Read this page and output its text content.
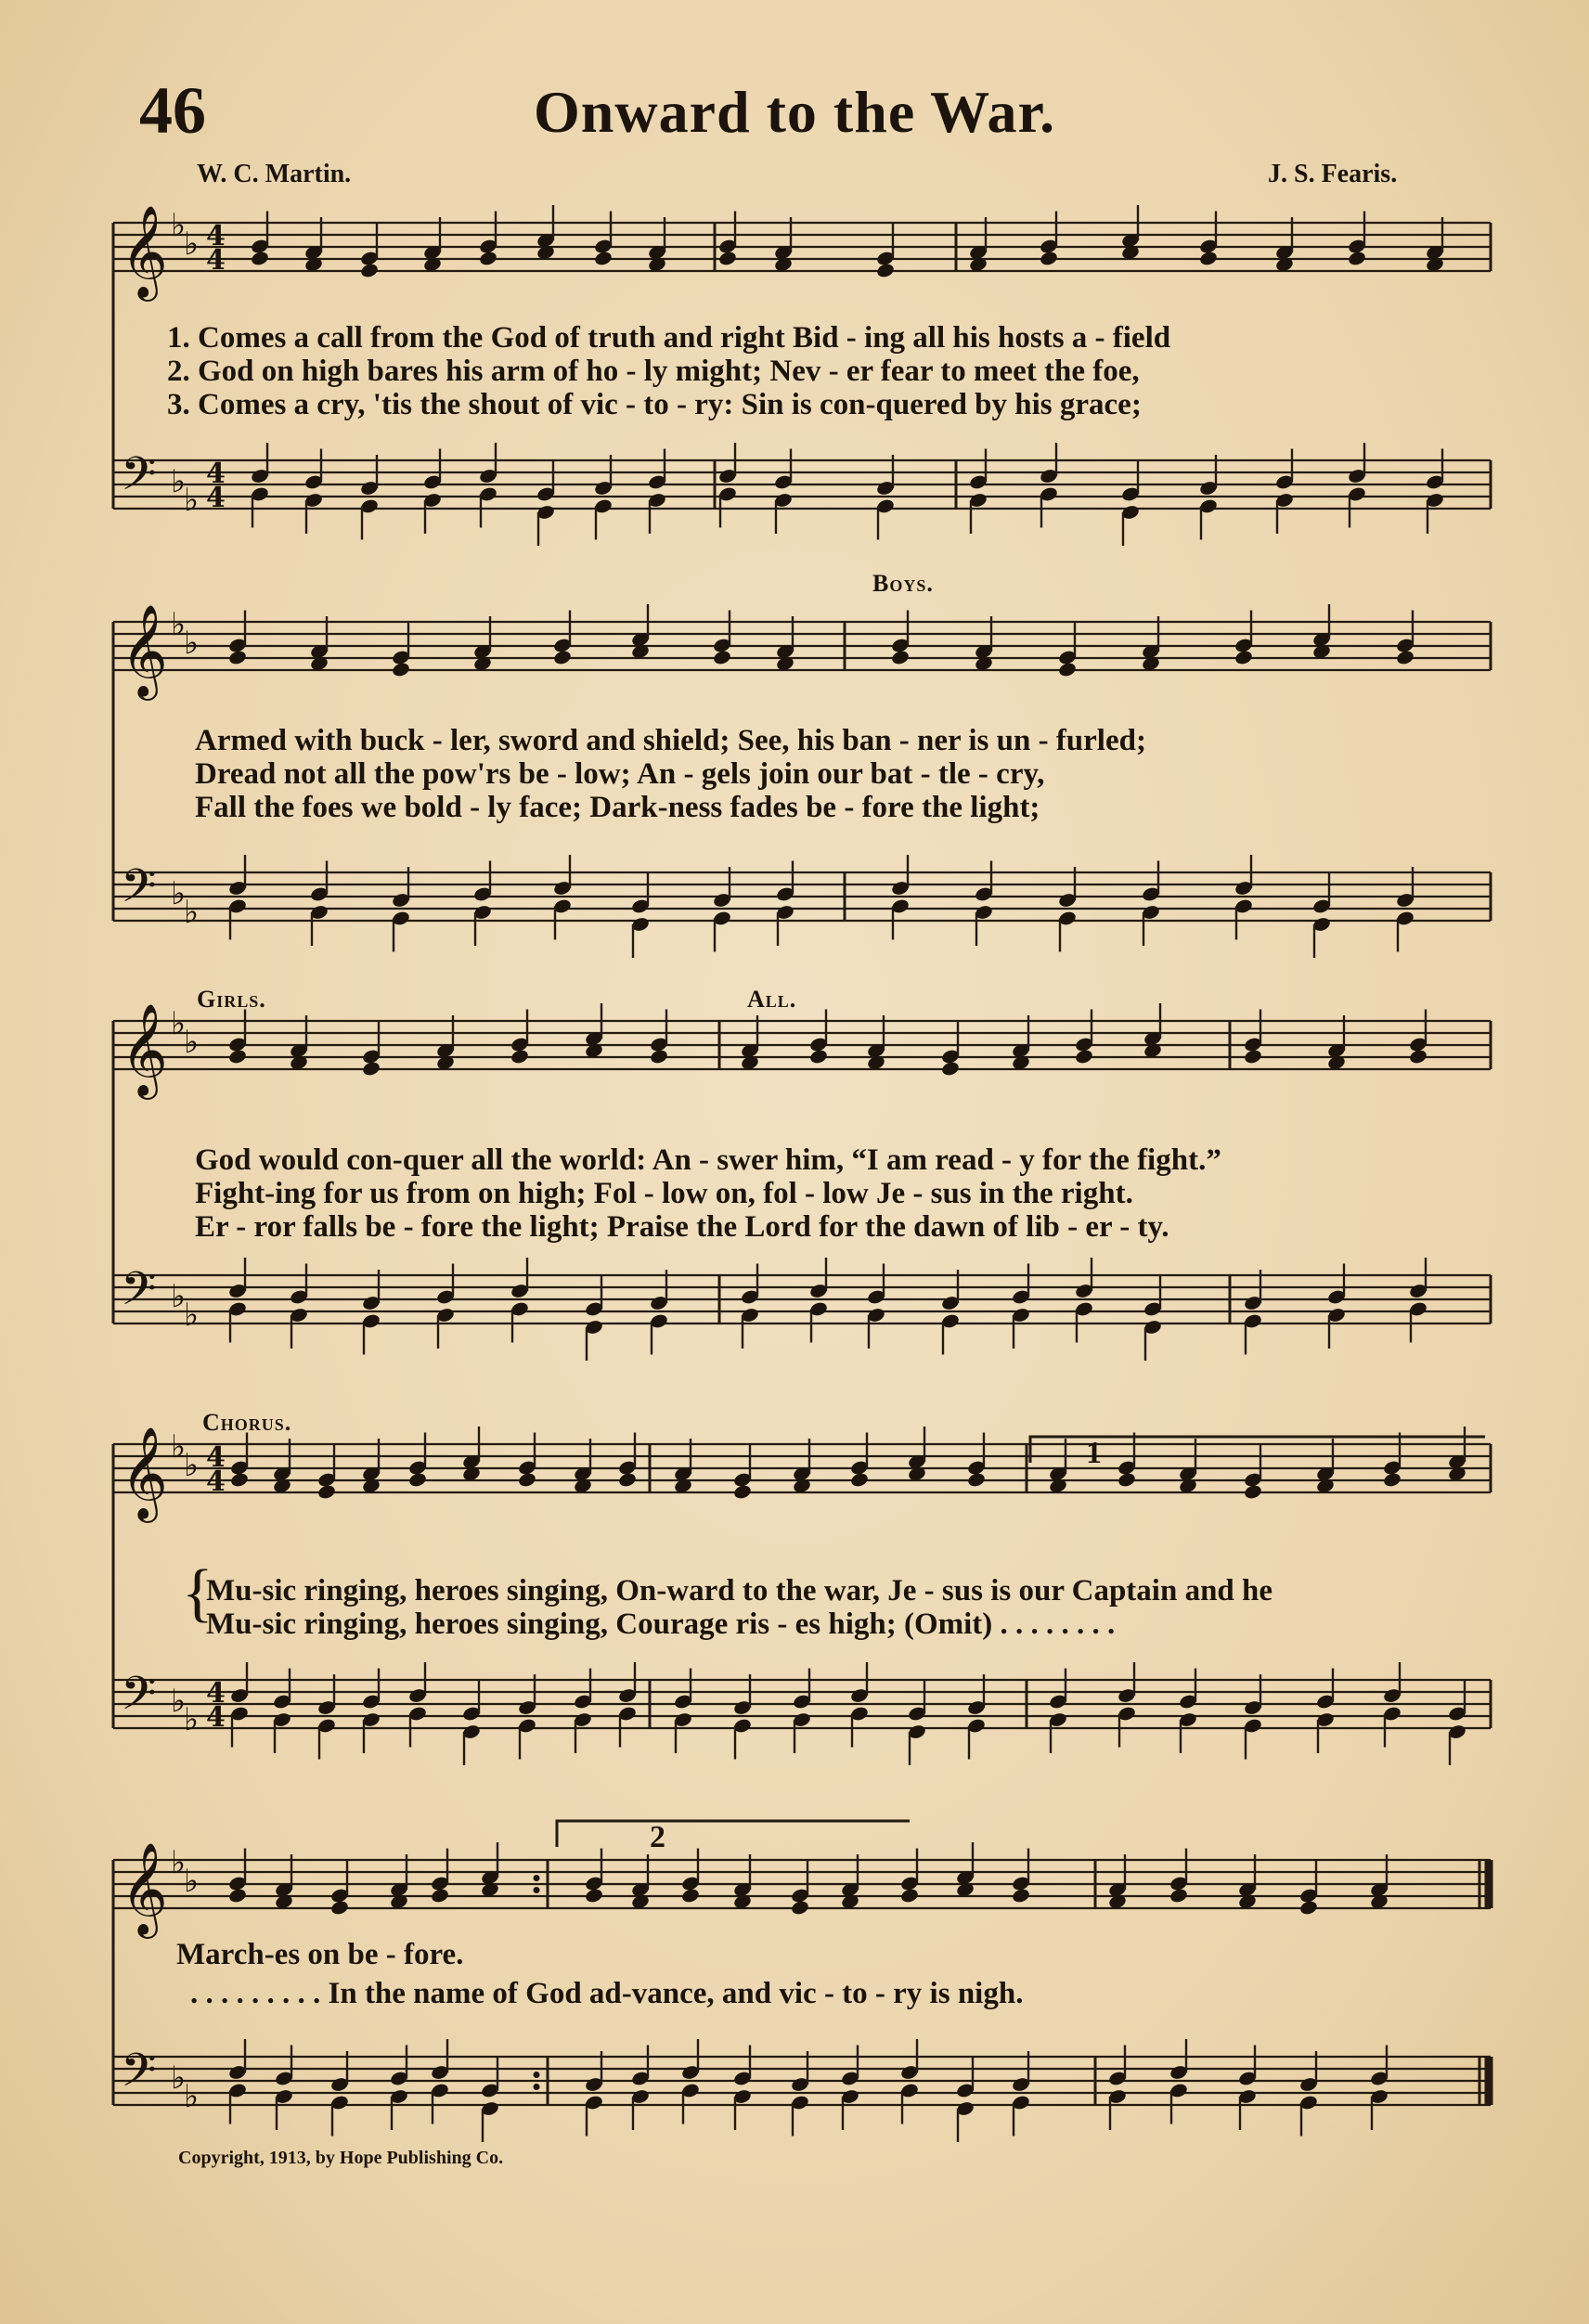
𝄞 ♭
♭
𝄢 ♭
♭
4
4
4
4
𝄞 ♭
♭
𝄢 ♭
♭
𝄞 ♭
♭
𝄢 ♭
♭
𝄞 ♭
♭
𝄢 ♭
♭
4
4
4
4
𝄞 ♭
♭
𝄢 ♭
♭
1
2
46	Onward to the War.
W. C. Martin.	J. S. Fearis.
Boys.
Girls.	All.
Chorus.
1. Comes a call from the God of truth and right Bid - ing all his hosts a - field
2. God on high bares his arm of ho - ly might; Nev - er fear to meet the foe,
3. Comes a cry, 'tis the shout of vic - to - ry: Sin is con-quered by his grace;
Armed with buck - ler, sword and shield; See, his ban - ner is un - furled;
Dread not all the pow'rs be - low; An - gels join our bat - tle - cry,
Fall the foes we bold - ly face; Dark-ness fades be - fore the light;
God would con-quer all the world: An - swer him, “I am read - y for the fight.”
Fight-ing for us from on high; Fol - low on, fol - low Je - sus in the right.
Er - ror falls be - fore the light; Praise the Lord for the dawn of lib - er - ty.
{
Mu-sic ringing, heroes singing, On-ward to the war, Je - sus is our Captain and he
Mu-sic ringing, heroes singing, Courage ris - es high; (Omit) . . . . . . . .
March-es on be - fore.
. . . . . . . . . In the name of God ad-vance, and vic - to - ry is nigh.
Copyright, 1913, by Hope Publishing Co.
